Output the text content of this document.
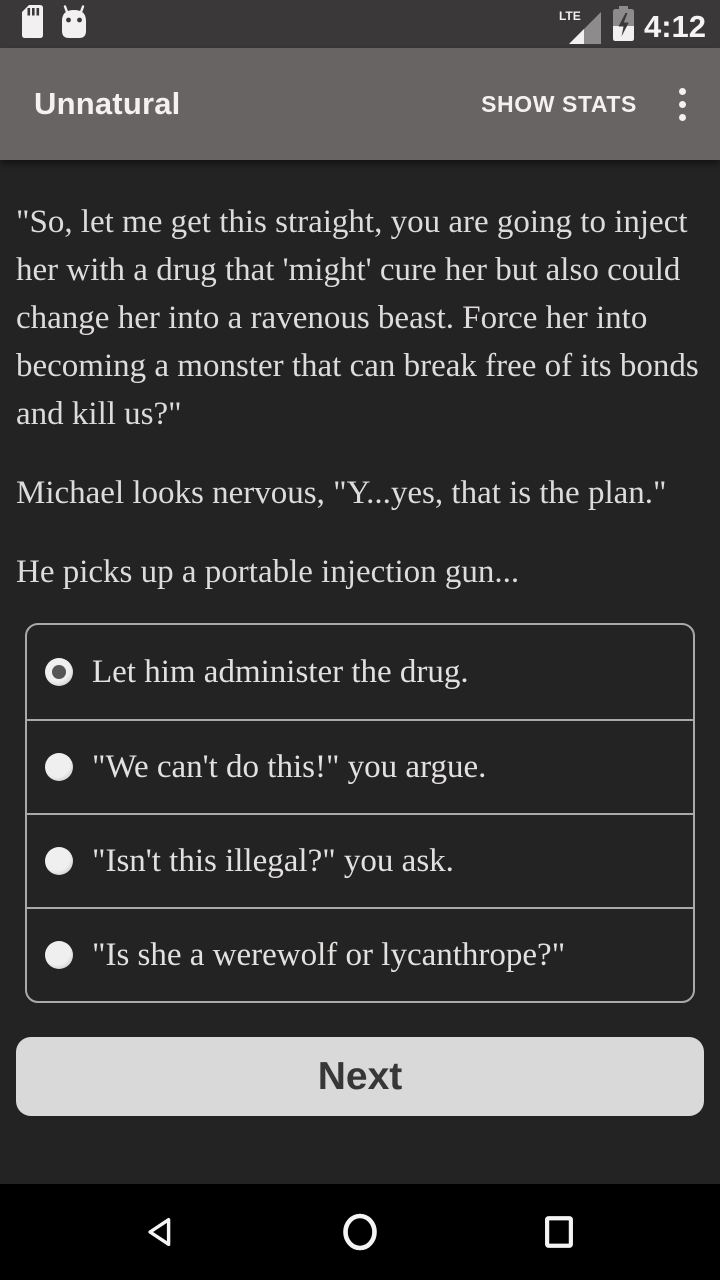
LTE 4:12
Unnatural	SHOW STATS

"So, let me get this straight, you are going to inject her with a drug that 'might' cure her but also could change her into a ravenous beast. Force her into becoming a monster that can break free of its bonds and kill us?"

Michael looks nervous, "Y...yes, that is the plan."

He picks up a portable injection gun...

Let him administer the drug.
"We can't do this!" you argue.
"Isn't this illegal?" you ask.
"Is she a werewolf or lycanthrope?"
Next
